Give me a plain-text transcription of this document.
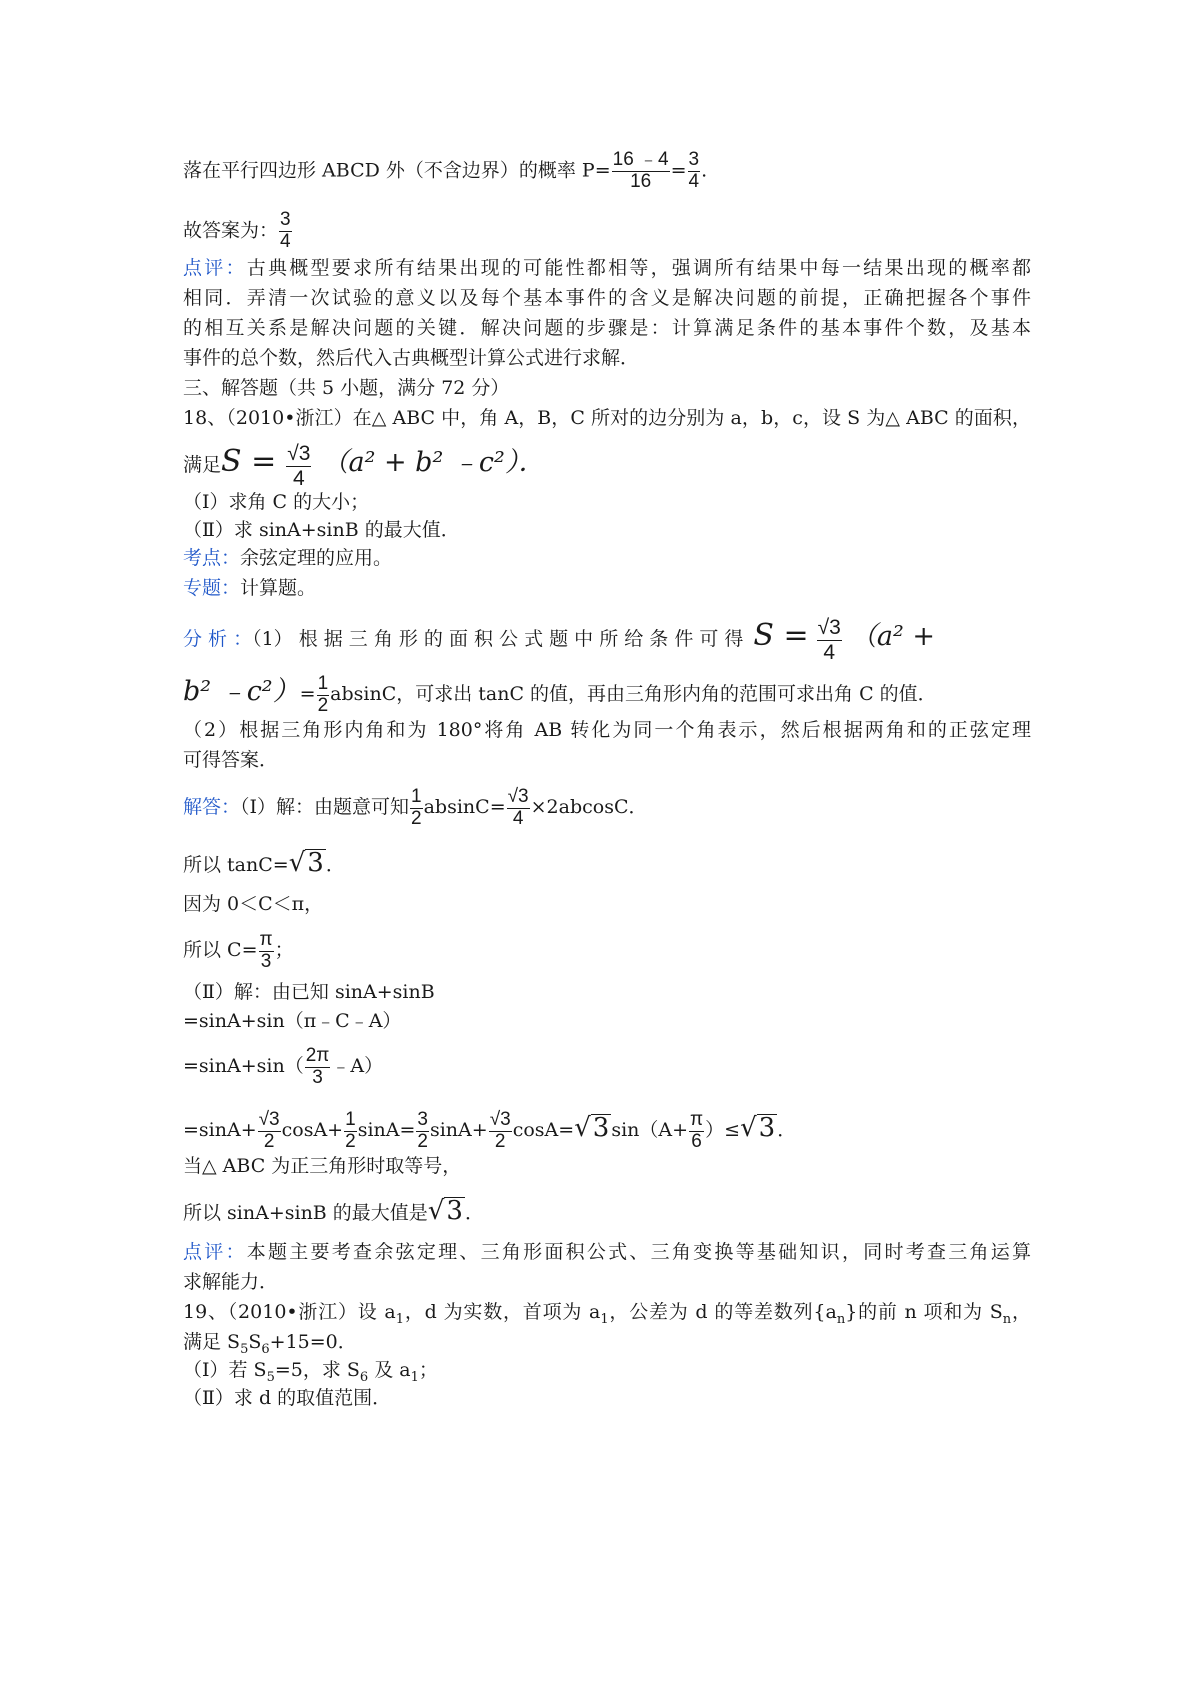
落在平行四边形 ABCD 外（不含边界）的概率 $P= \frac{16 ﹣4}{16} = \frac{3}{4}$ .
故答案为： $\frac{3}{4}$
点评：古典概型要求所有结果出现的可能性都相等，强调所有结果中每一结果出现的概率都
相同．弄清一次试验的意义以及每个基本事件的含义是解决问题的前提，正确把握各个事件
的相互关系是解决问题的关键．解决问题的步骤是：计算满足条件的基本事件个数，及基本
事件的总个数，然后代入古典概型计算公式进行求解．
三、解答题（共 5 小题，满分 72 分）
18、（2010•浙江）在△ ABC 中，角 A，B，C 所对的边分别为 a，b，c，设 S 为△ ABC 的面积，
满足$S = \frac{√3}{4} (a^2 + b^2$ ﹣c²）．
（Ⅰ）求角 C 的大小；
（Ⅱ）求 sinA+sinB 的最大值．
考点：余弦定理的应用。
专题：计算题。
分 析 ：（1） 根 据 三 角 形 的 面 积 公 式 题 中 所 给 条 件 可 得 $S = \frac{√3}{4} (a^2$ +
b² ﹣c²）= $\frac{1}{2}$ absinC，可求出 tanC 的值，再由三角形内角的范围可求出角 C 的值．
（2）根据三角形内角和为 180°将角 AB 转化为同一个角表示，然后根据两角和的正弦定理
可得答案．
解答：（Ⅰ）解：由题意可知 $\frac{1}{2} absinC= \frac{√3}{4} \times 2abcosC$．
所以 tanC=√3 ．
因为 0＜C＜π，
所以 $C= \frac{\pi}{3}$ ；
（Ⅱ）解：由已知 sinA+sinB
=sinA+sin（π﹣C﹣A）
$=\sin A+\sin( \frac{2\pi}{3}$ ﹣A）
$=\sin A+ \frac{√3}{2} \cos A+ \frac{1}{2} \sin A= \frac{3}{2} \sin A+ \frac{√3}{2} \cos A=√3$ $\sin(A+ \frac{\pi}{6} )\le√3$ ．
当△ ABC 为正三角形时取等号，
所以 sinA+sinB 的最大值是√3 ．
点评：本题主要考查余弦定理、三角形面积公式、三角变换等基础知识，同时考查三角运算
求解能力．
19、（2010•浙江）设 $a_1$，d 为实数，首项为 $a_1$，公差为 d 的等差数列$\{a_n\}$的前 n 项和为 $S_n$，
满足 $S_5S_6+15=0$．
（Ⅰ）若 $S_5=5$，求 $S_6$ 及 $a_1$；
（Ⅱ）求 d 的取值范围．
